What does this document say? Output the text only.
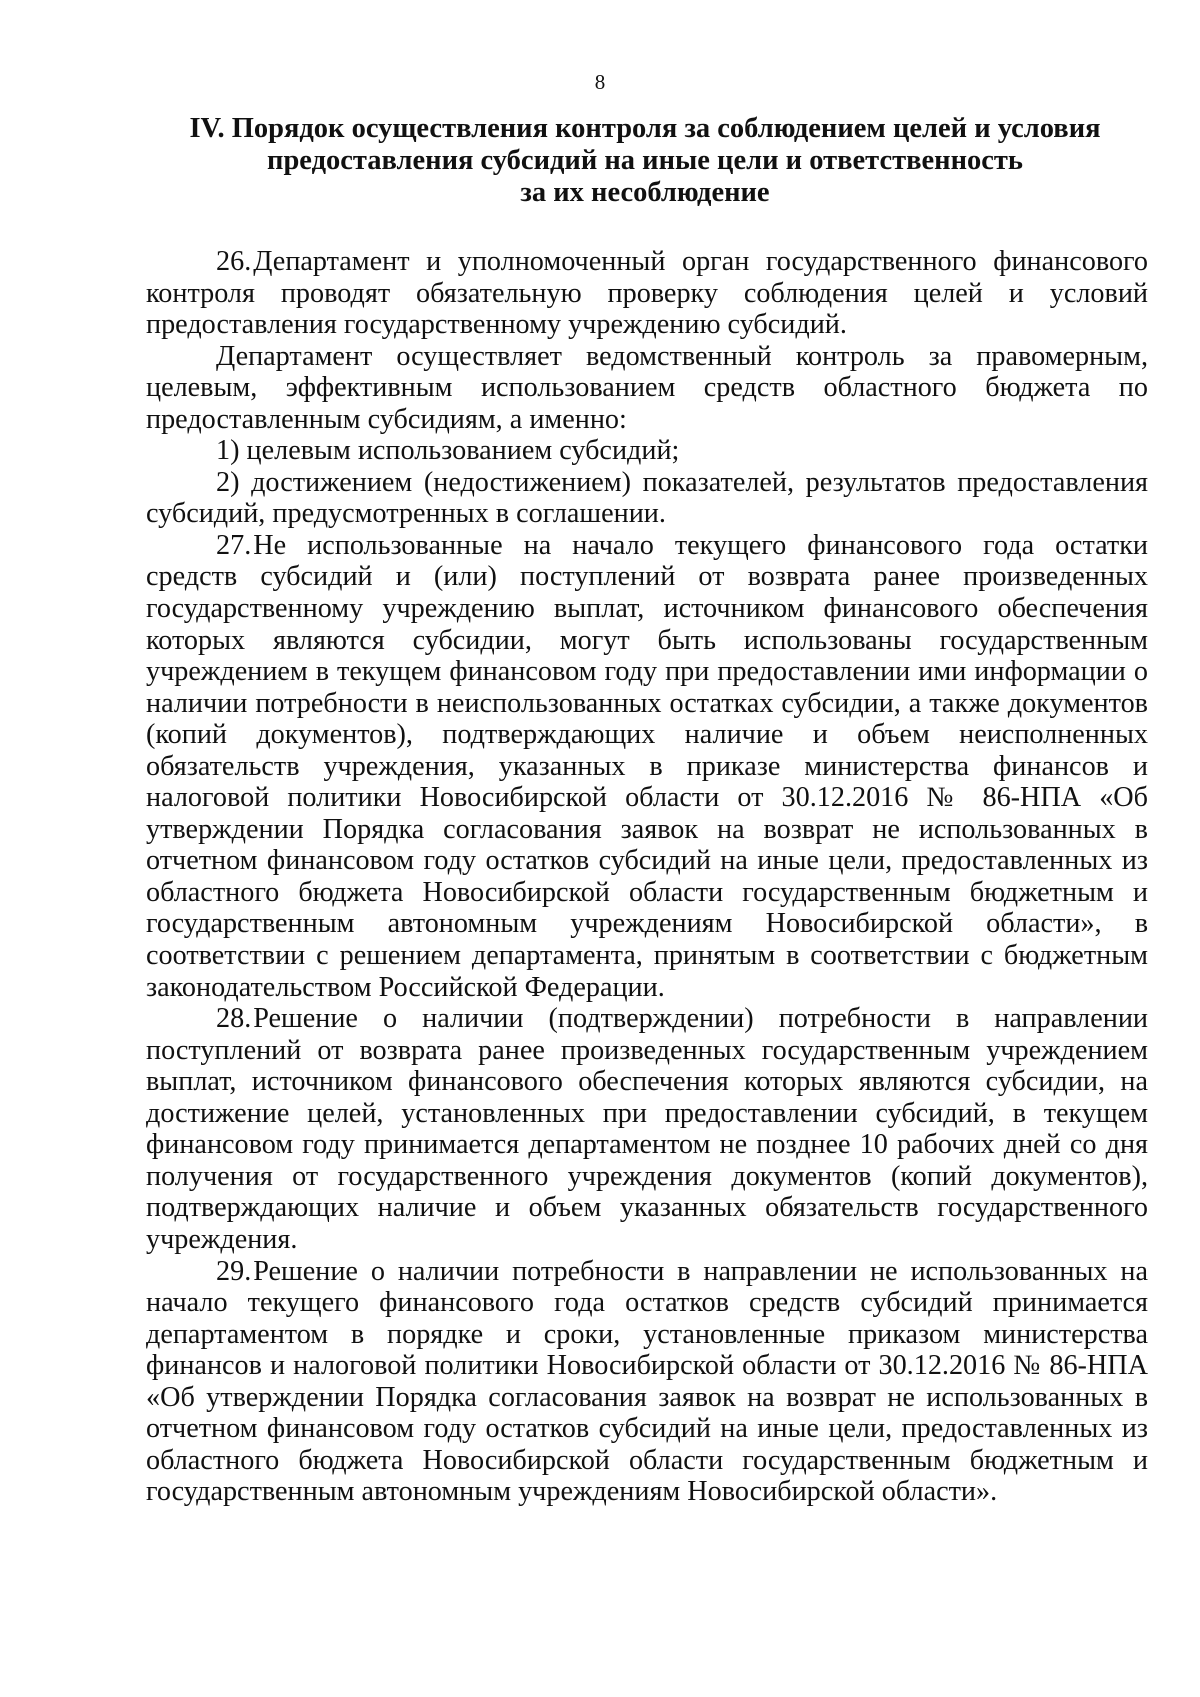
8
IV. Порядок осуществления контроля за соблюдением целей и условия
предоставления субсидий на иные цели и ответственность
за их несоблюдение

26.Департамент и уполномоченный орган государственного финансового контроля проводят обязательную проверку соблюдения целей и условий предоставления государственному учреждению субсидий.

Департамент осуществляет ведомственный контроль за правомерным, целевым, эффективным использованием средств областного бюджета по предоставленным субсидиям, а именно:

1) целевым использованием субсидий;

2) достижением (недостижением) показателей, результатов предоставления субсидий, предусмотренных в соглашении.

27.Не использованные на начало текущего финансового года остатки средств субсидий и (или) поступлений от возврата ранее произведенных государственному учреждению выплат, источником финансового обеспечения которых являются субсидии, могут быть использованы государственным учреждением в текущем финансовом году при предоставлении ими информации о наличии потребности в неиспользованных остатках субсидии, а также документов (копий документов), подтверждающих наличие и объем неисполненных обязательств учреждения, указанных в приказе министерства финансов и налоговой политики Новосибирской области от 30.12.2016 № 86-НПА «Об утверждении Порядка согласования заявок на возврат не использованных в отчетном финансовом году остатков субсидий на иные цели, предоставленных из областного бюджета Новосибирской области государственным бюджетным и государственным автономным учреждениям Новосибирской области», в соответствии с решением департамента, принятым в соответствии с бюджетным законодательством Российской Федерации.

28.Решение о наличии (подтверждении) потребности в направлении поступлений от возврата ранее произведенных государственным учреждением выплат, источником финансового обеспечения которых являются субсидии, на достижение целей, установленных при предоставлении субсидий, в текущем финансовом году принимается департаментом не позднее 10 рабочих дней со дня получения от государственного учреждения документов (копий документов), подтверждающих наличие и объем указанных обязательств государственного учреждения.

29.Решение о наличии потребности в направлении не использованных на начало текущего финансового года остатков средств субсидий принимается департаментом в порядке и сроки, установленные приказом министерства финансов и налоговой политики Новосибирской области от 30.12.2016 № 86-НПА «Об утверждении Порядка согласования заявок на возврат не использованных в отчетном финансовом году остатков субсидий на иные цели, предоставленных из областного бюджета Новосибирской области государственным бюджетным и государственным автономным учреждениям Новосибирской области».
